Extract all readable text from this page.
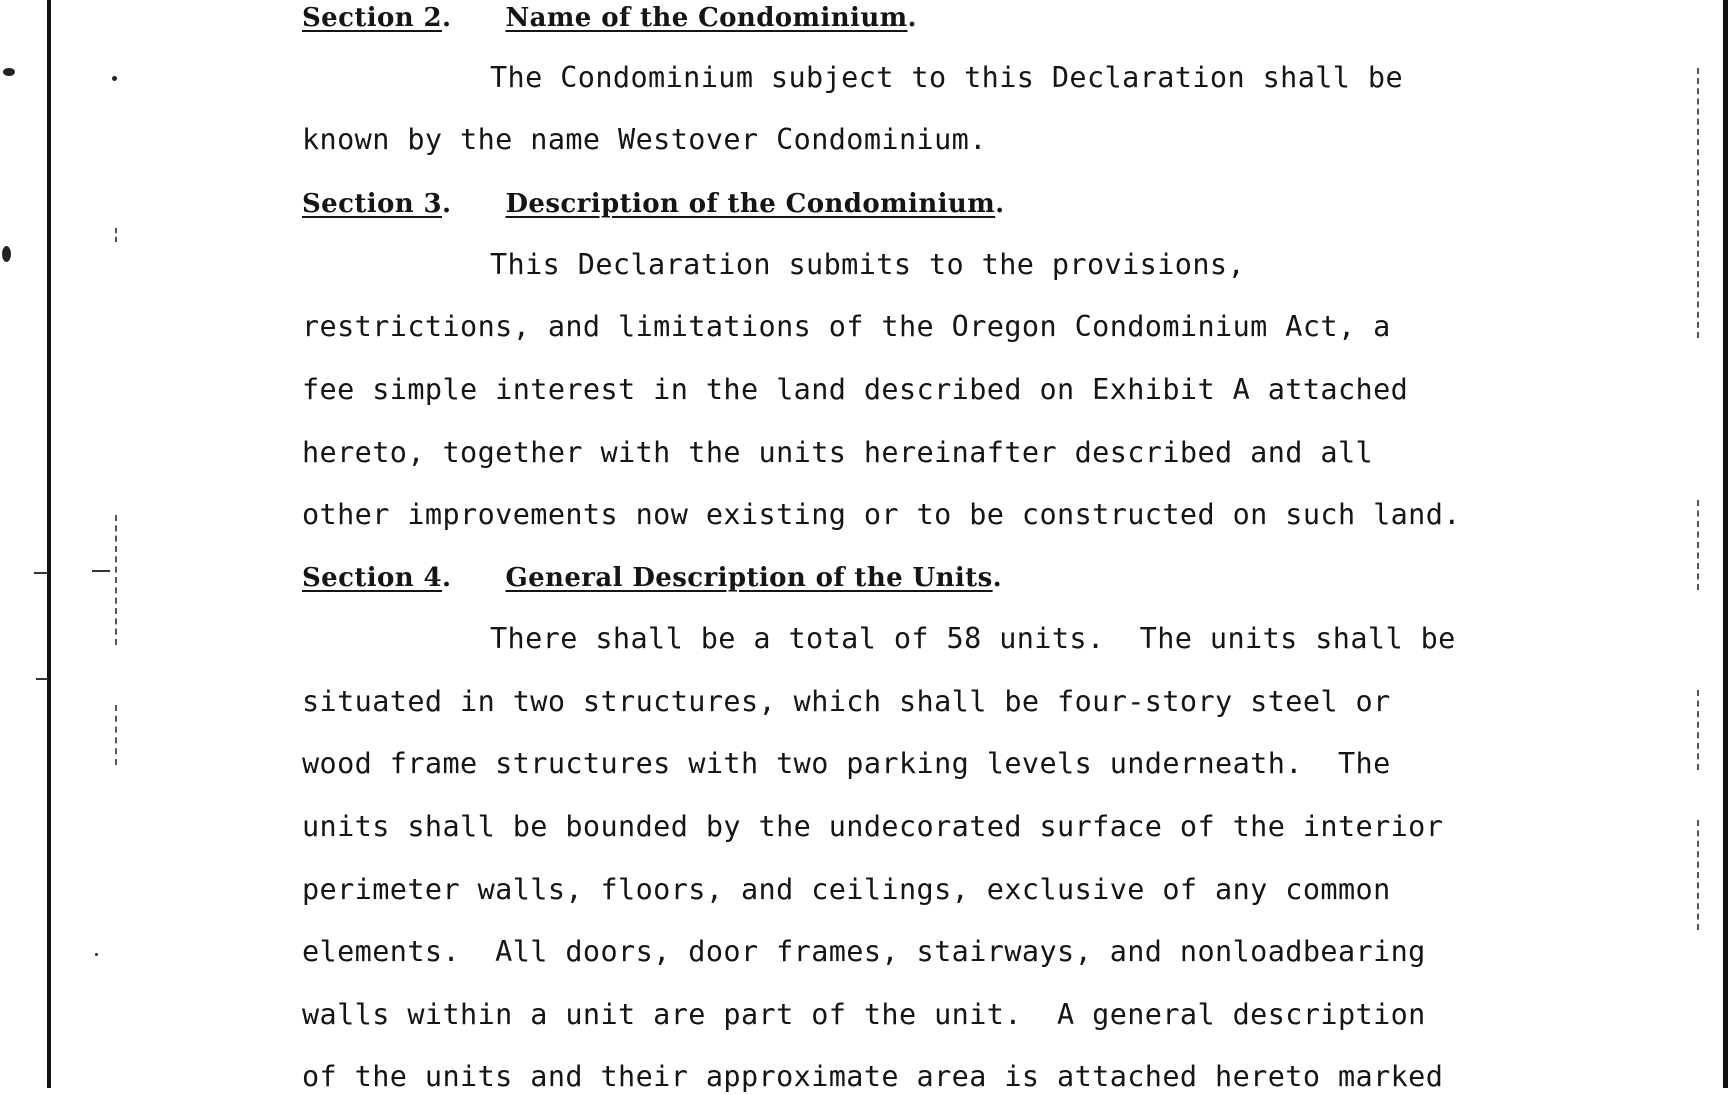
Section 2. Name of the Condominium.
The Condominium subject to this Declaration shall be
known by the name Westover Condominium.
Section 3. Description of the Condominium.
This Declaration submits to the provisions,
restrictions, and limitations of the Oregon Condominium Act, a
fee simple interest in the land described on Exhibit A attached
hereto, together with the units hereinafter described and all
other improvements now existing or to be constructed on such land.
Section 4. General Description of the Units.
There shall be a total of 58 units.  The units shall be
situated in two structures, which shall be four-story steel or
wood frame structures with two parking levels underneath.  The
units shall be bounded by the undecorated surface of the interior
perimeter walls, floors, and ceilings, exclusive of any common
elements.  All doors, door frames, stairways, and nonloadbearing
walls within a unit are part of the unit.  A general description
of the units and their approximate area is attached hereto marked
